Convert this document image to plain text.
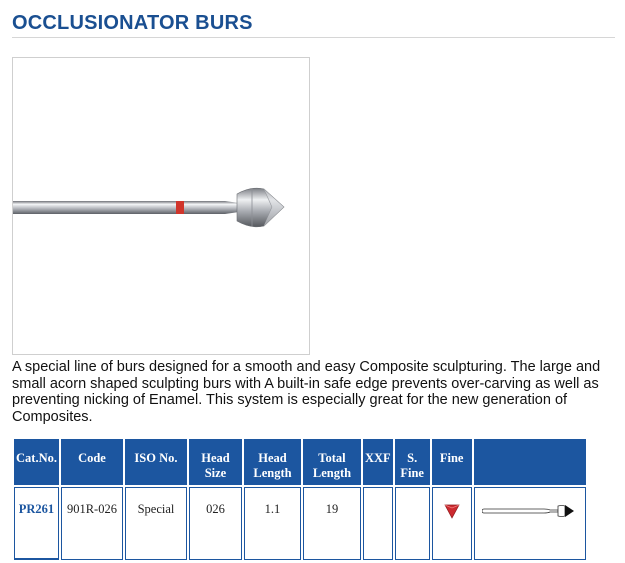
OCCLUSIONATOR BURS
A special line of burs designed for a smooth and easy Composite sculpturing. The large and small acorn shaped sculpting burs with A built-in safe edge prevents over-carving as well as preventing nicking of Enamel. This system is especially great for the new generation of Composites.
Cat.No.	Code	ISO No.	Head Size	Head Length	Total Length	XXF	S. Fine	Fine	
PR261	901R-026	Special	026	1.1	19				
